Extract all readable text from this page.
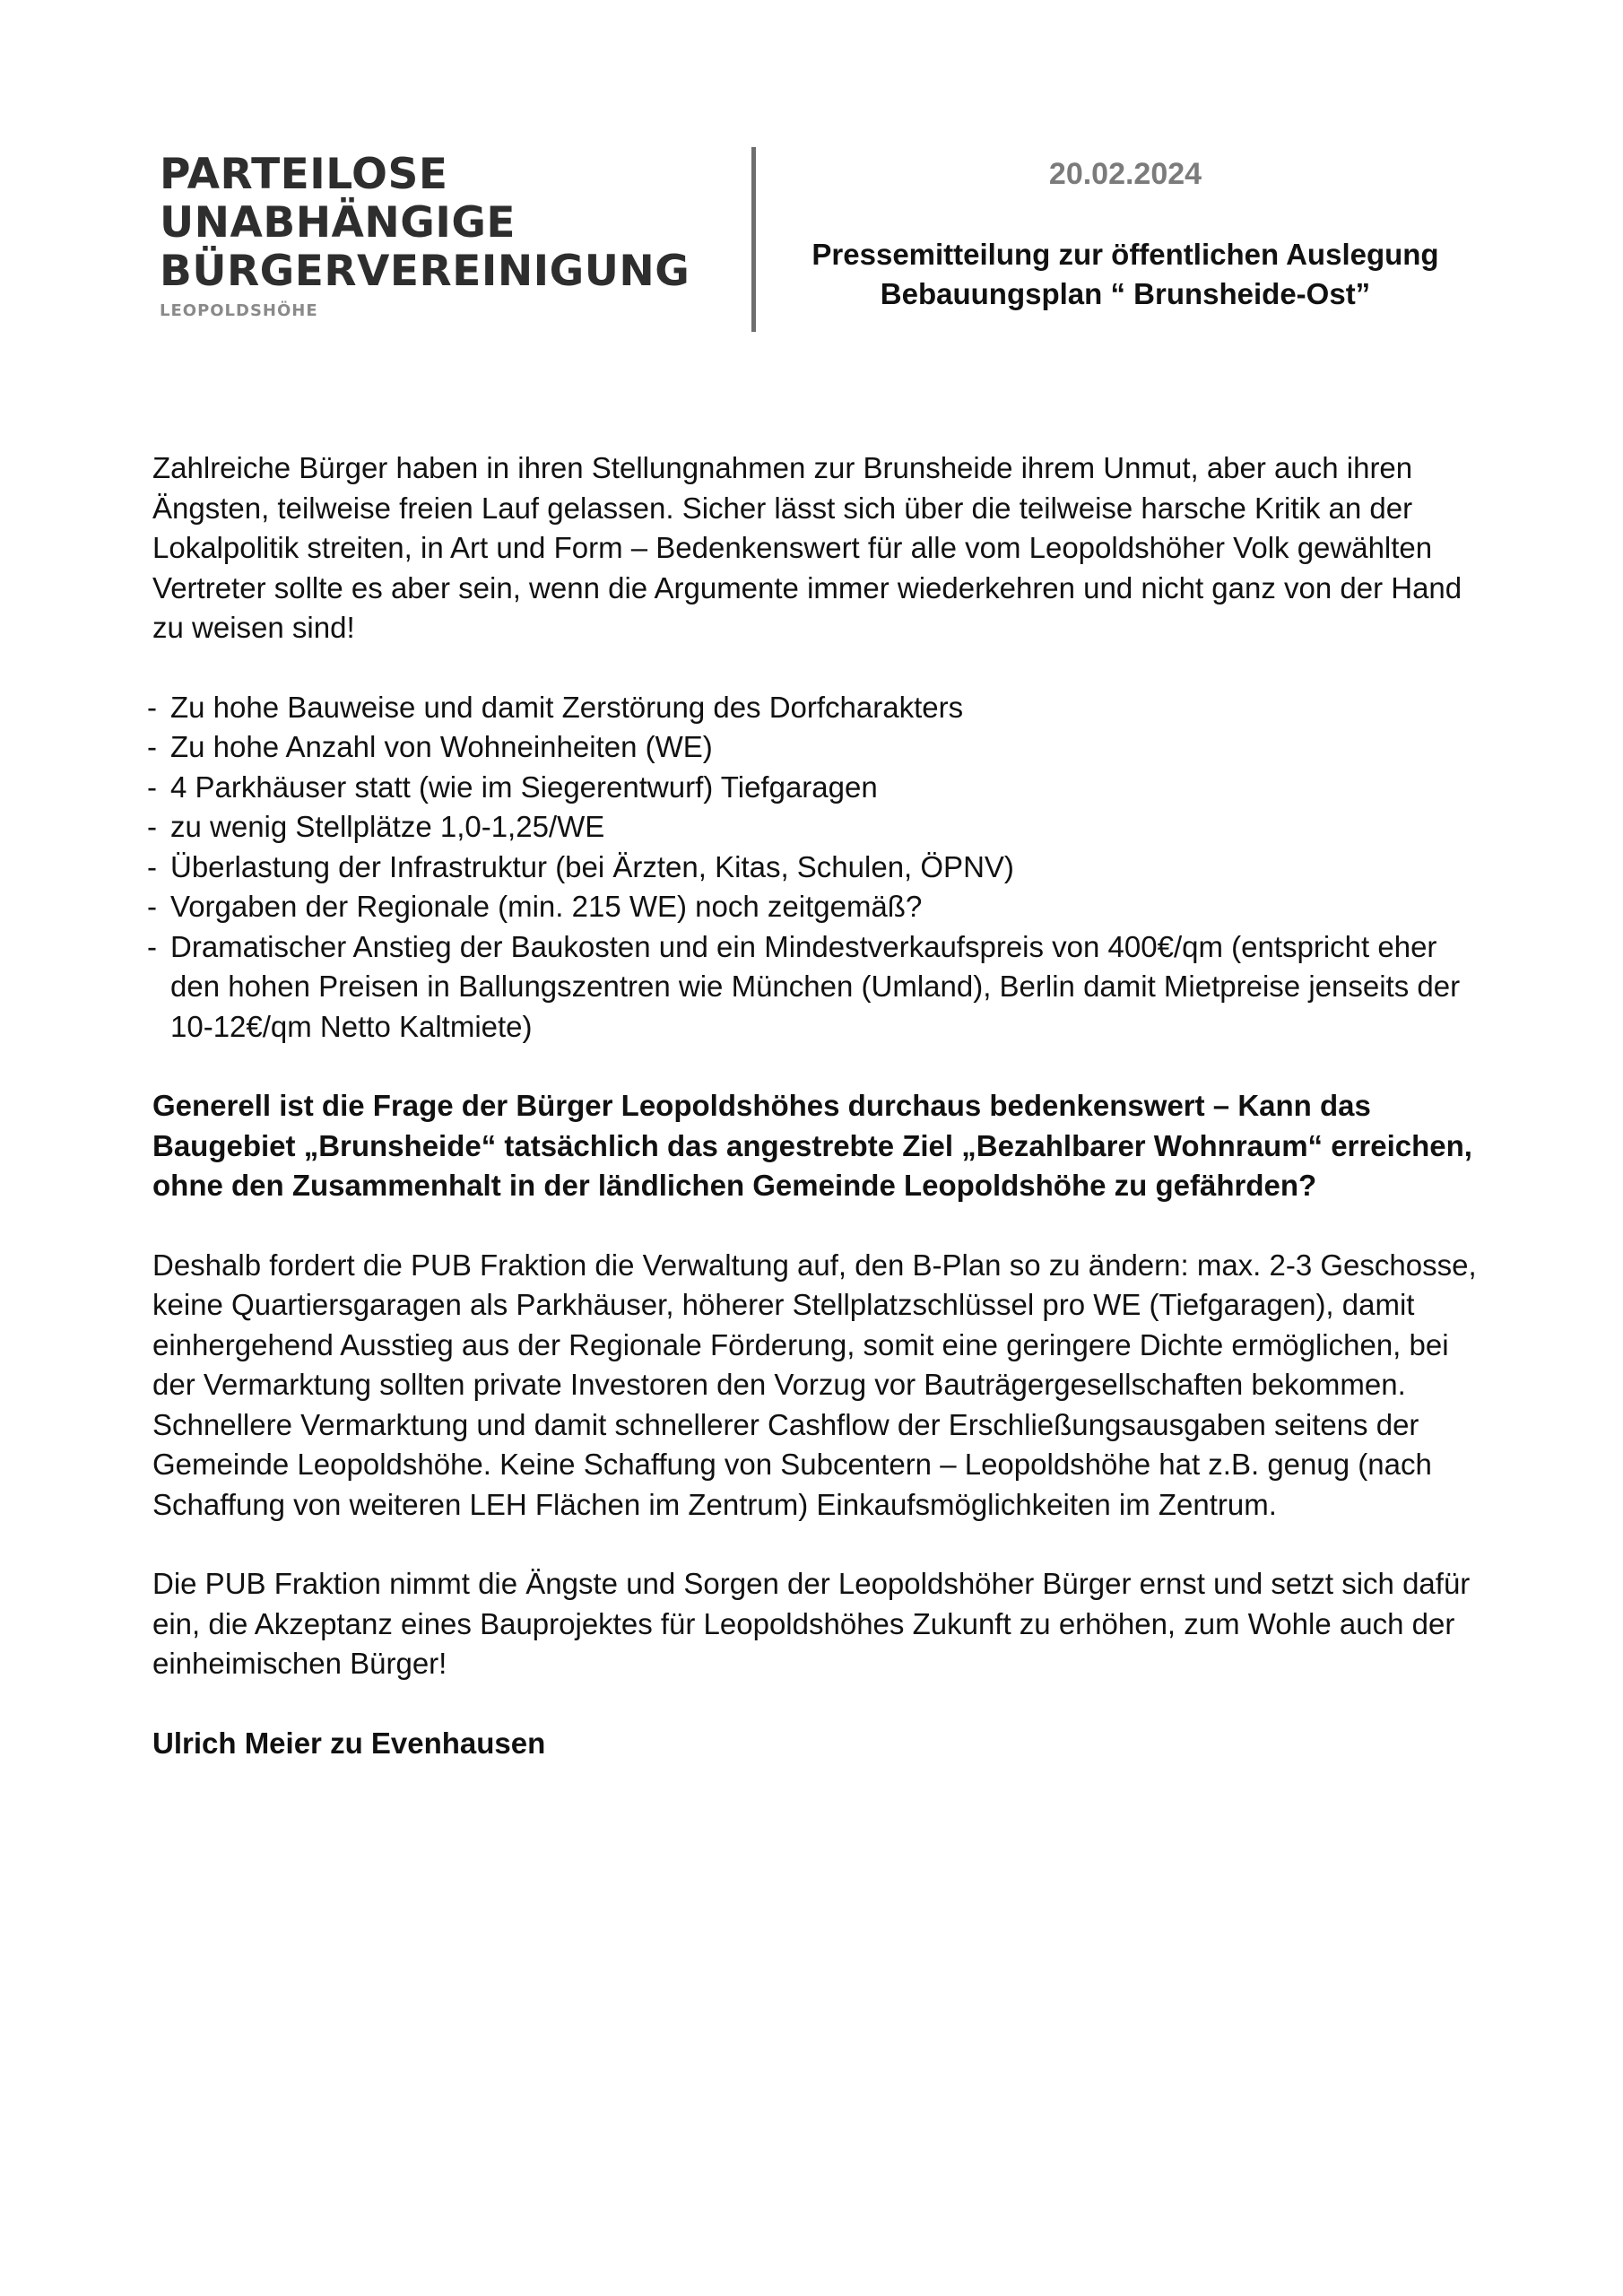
PARTEILOSE
UNABHÄNGIGE
BÜRGERVEREINIGUNG
LEOPOLDSHÖHE
20.02.2024
Pressemitteilung zur öffentlichen Auslegung
Bebauungsplan “ Brunsheide-Ost”

Zahlreiche Bürger haben in ihren Stellungnahmen zur Brunsheide ihrem Unmut, aber auch ihren Ängsten, teilweise freien Lauf gelassen. Sicher lässt sich über die teilweise harsche Kritik an der Lokalpolitik streiten, in Art und Form – Bedenkenswert für alle vom Leopoldshöher Volk gewählten Vertreter sollte es aber sein, wenn die Argumente immer wiederkehren und nicht ganz von der Hand zu weisen sind!

- Zu hohe Bauweise und damit Zerstörung des Dorfcharakters
- Zu hohe Anzahl von Wohneinheiten (WE)
- 4 Parkhäuser statt (wie im Siegerentwurf) Tiefgaragen
- zu wenig Stellplätze 1,0-1,25/WE
- Überlastung der Infrastruktur (bei Ärzten, Kitas, Schulen, ÖPNV)
- Vorgaben der Regionale (min. 215 WE) noch zeitgemäß?
- Dramatischer Anstieg der Baukosten und ein Mindestverkaufspreis von 400€/qm (entspricht eher den hohen Preisen in Ballungszentren wie München (Umland), Berlin damit Mietpreise jenseits der 10-12€/qm Netto Kaltmiete)

Generell ist die Frage der Bürger Leopoldshöhes durchaus bedenkenswert – Kann das Baugebiet „Brunsheide“ tatsächlich das angestrebte Ziel „Bezahlbarer Wohnraum“ erreichen, ohne den Zusammenhalt in der ländlichen Gemeinde Leopoldshöhe zu gefährden?

Deshalb fordert die PUB Fraktion die Verwaltung auf, den B-Plan so zu ändern: max. 2-3 Geschosse, keine Quartiersgaragen als Parkhäuser, höherer Stellplatzschlüssel pro WE (Tiefgaragen), damit einhergehend Ausstieg aus der Regionale Förderung, somit eine geringere Dichte ermöglichen, bei der Vermarktung sollten private Investoren den Vorzug vor Bauträgergesellschaften bekommen.

Schnellere Vermarktung und damit schnellerer Cashflow der Erschließungsausgaben seitens der Gemeinde Leopoldshöhe. Keine Schaffung von Subcentern – Leopoldshöhe hat z.B. genug (nach Schaffung von weiteren LEH Flächen im Zentrum) Einkaufsmöglichkeiten im Zentrum.

Die PUB Fraktion nimmt die Ängste und Sorgen der Leopoldshöher Bürger ernst und setzt sich dafür ein, die Akzeptanz eines Bauprojektes für Leopoldshöhes Zukunft zu erhöhen, zum Wohle auch der einheimischen Bürger!

Ulrich Meier zu Evenhausen
